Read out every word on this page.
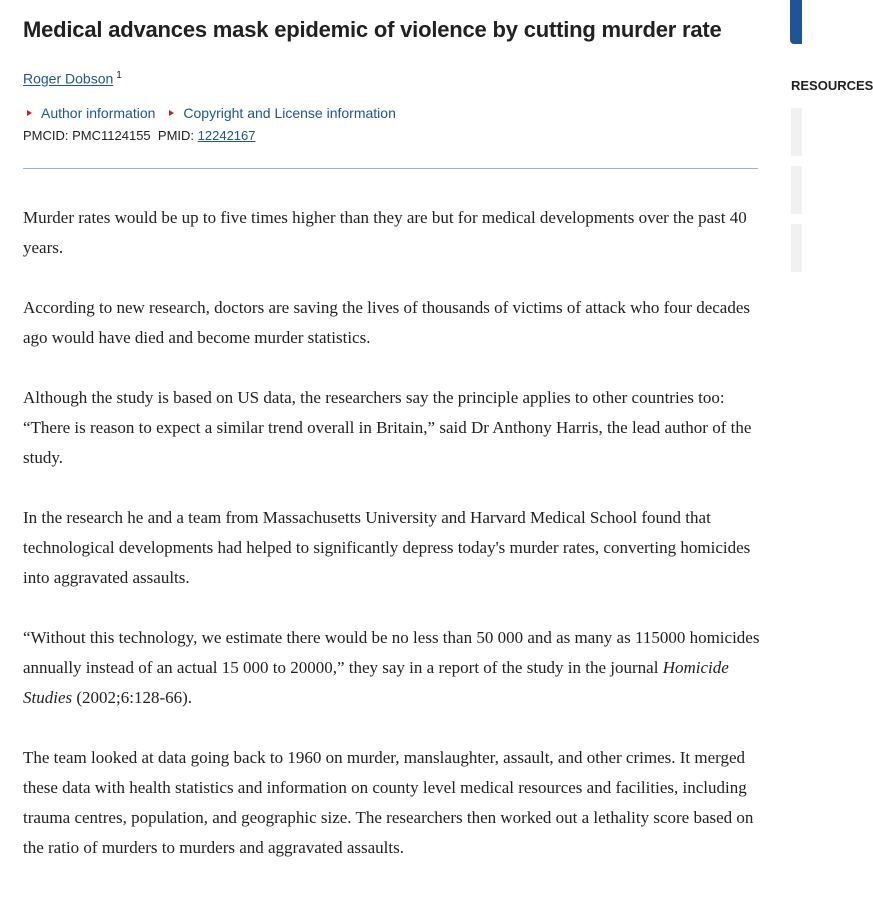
RESOURCES
Medical advances mask epidemic of violence by cutting murder rate
Roger Dobson $^1$
Author information Copyright and License information
PMCID: PMC1124155 PMID: 12242167

Murder rates would be up to five times higher than they are but for medical developments over the past 40 years.

According to new research, doctors are saving the lives of thousands of victims of attack who four decades ago would have died and become murder statistics.

Although the study is based on US data, the researchers say the principle applies to other countries too: “There is reason to expect a similar trend overall in Britain,” said Dr Anthony Harris, the lead author of the study.

In the research he and a team from Massachusetts University and Harvard Medical School found that technological developments had helped to significantly depress today's murder rates, converting homicides into aggravated assaults.

“Without this technology, we estimate there would be no less than 50 000 and as many as 115000 homicides annually instead of an actual 15 000 to 20000,” they say in a report of the study in the journal Homicide Studies (2002;6:128-66).

The team looked at data going back to 1960 on murder, manslaughter, assault, and other crimes. It merged these data with health statistics and information on county level medical resources and facilities, including trauma centres, population, and geographic size. The researchers then worked out a lethality score based on the ratio of murders to murders and aggravated assaults.
